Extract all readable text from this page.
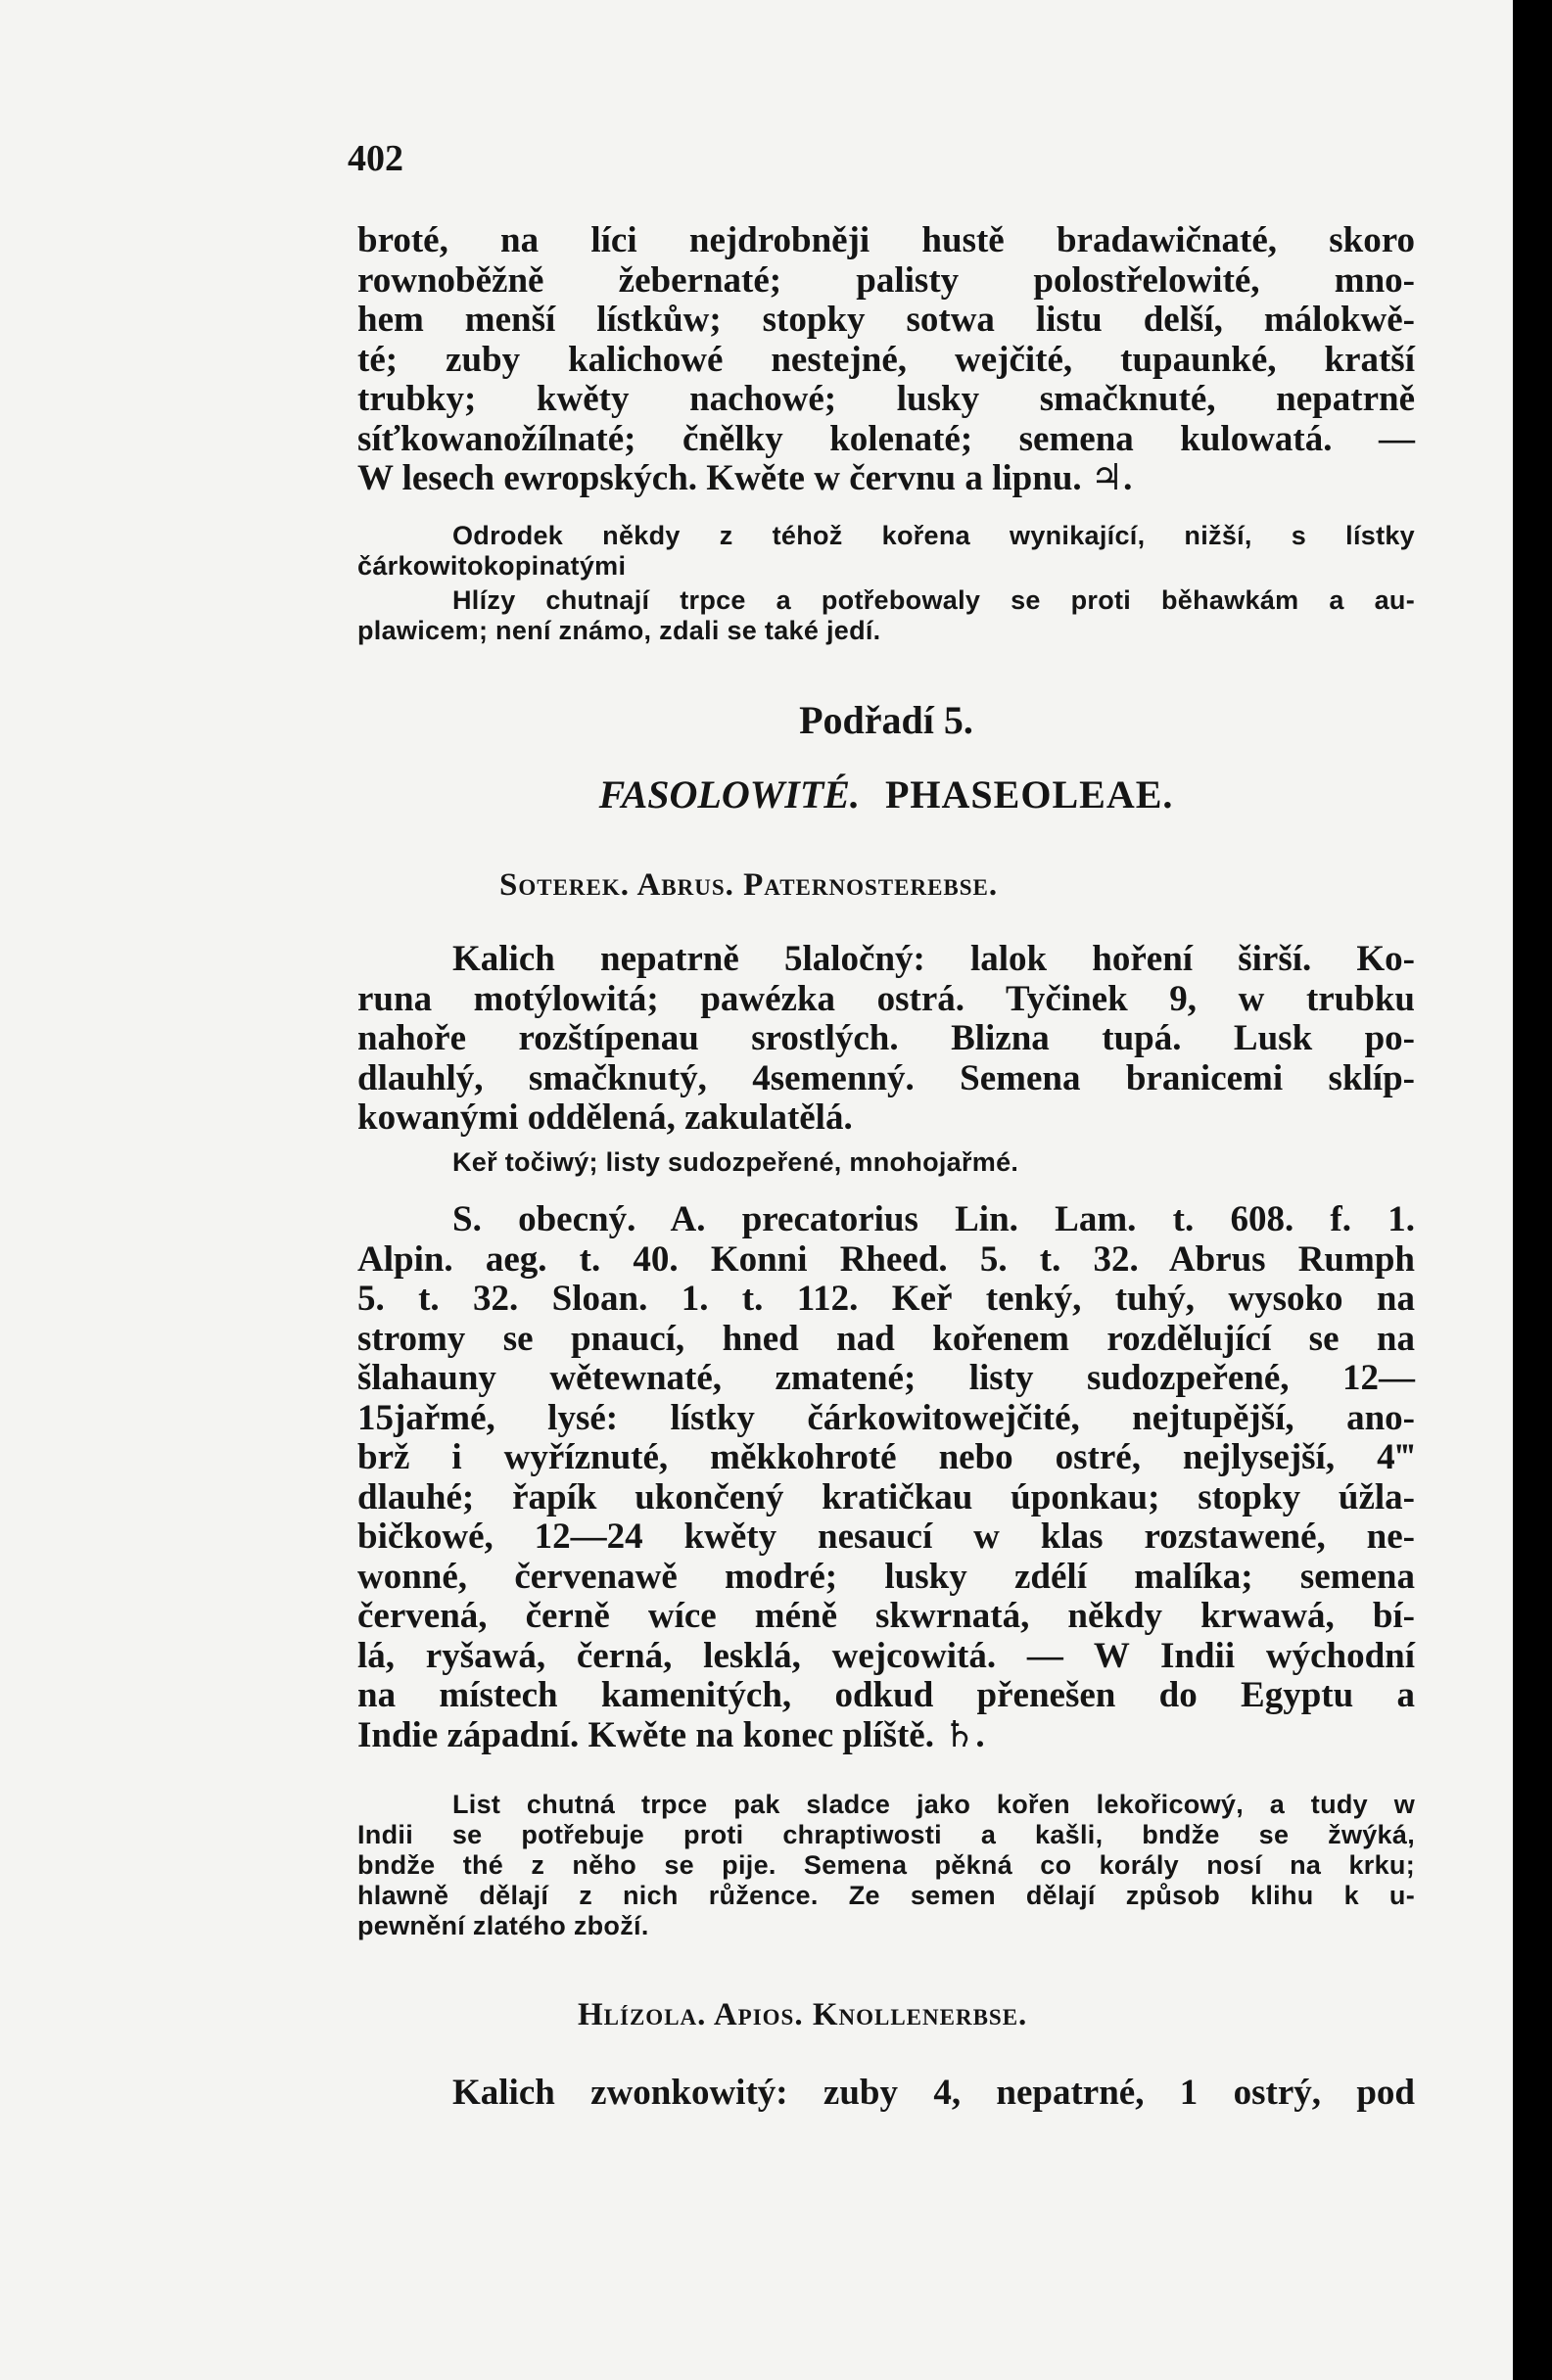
402
broté, na líci nejdrobněji hustě bradawičnaté, skoro
rownoběžně žebernaté; palisty polostřelowité, mno-
hem menší lístkůw; stopky sotwa listu delší, málokwě-
té; zuby kalichowé nestejné, wejčité, tupaunké, kratší
trubky; kwěty nachowé; lusky smačknuté, nepatrně
síťkowanožílnaté; čnělky kolenaté; semena kulowatá. —
W lesech ewropských. Kwěte w červnu a lipnu. ♃.
Odrodek někdy z téhož kořena wynikající, nižší, s lístky
čárkowitokopinatými
Hlízy chutnají trpce a potřebowaly se proti běhawkám a au-
plawicem; není známo, zdali se také jedí.
Podřadí 5.
FASOLOWITÉ. PHASEOLEAE.
Soterek. Abrus. Paternosterebse.
Kalich nepatrně 5laločný: lalok hoření širší. Ko-
runa motýlowitá; pawézka ostrá. Tyčinek 9, w trubku
nahoře rozštípenau srostlých. Blizna tupá. Lusk po-
dlauhlý, smačknutý, 4semenný. Semena branicemi sklíp-
kowanými oddělená, zakulatělá.
Keř točiwý; listy sudozpeřené, mnohojařmé.
S. obecný. A. precatorius Lin. Lam. t. 608. f. 1.
Alpin. aeg. t. 40. Konni Rheed. 5. t. 32. Abrus Rumph
5. t. 32. Sloan. 1. t. 112. Keř tenký, tuhý, wysoko na
stromy se pnaucí, hned nad kořenem rozdělující se na
šlahauny wětewnaté, zmatené; listy sudozpeřené, 12—
15jařmé, lysé: lístky čárkowitowejčité, nejtupější, ano-
brž i wyříznuté, měkkohroté nebo ostré, nejlysejší, 4‴
dlauhé; řapík ukončený kratičkau úponkau; stopky úžla-
bičkowé, 12—24 kwěty nesaucí w klas rozstawené, ne-
wonné, červenawě modré; lusky zdélí malíka; semena
červená, černě wíce méně skwrnatá, někdy krwawá, bí-
lá, ryšawá, černá, lesklá, wejcowitá. — W Indii wýchodní
na místech kamenitých, odkud přenešen do Egyptu a
Indie západní. Kwěte na konec plíště. ♄.
List chutná trpce pak sladce jako kořen lekořicowý, a tudy w
Indii se potřebuje proti chraptiwosti a kašli, bndže se žwýká,
bndže thé z něho se pije. Semena pěkná co korály nosí na krku;
hlawně dělají z nich růžence. Ze semen dělají způsob klihu k u-
pewnění zlatého zboží.
Hlízola. Apios. Knollenerbse.
Kalich zwonkowitý: zuby 4, nepatrné, 1 ostrý, pod
